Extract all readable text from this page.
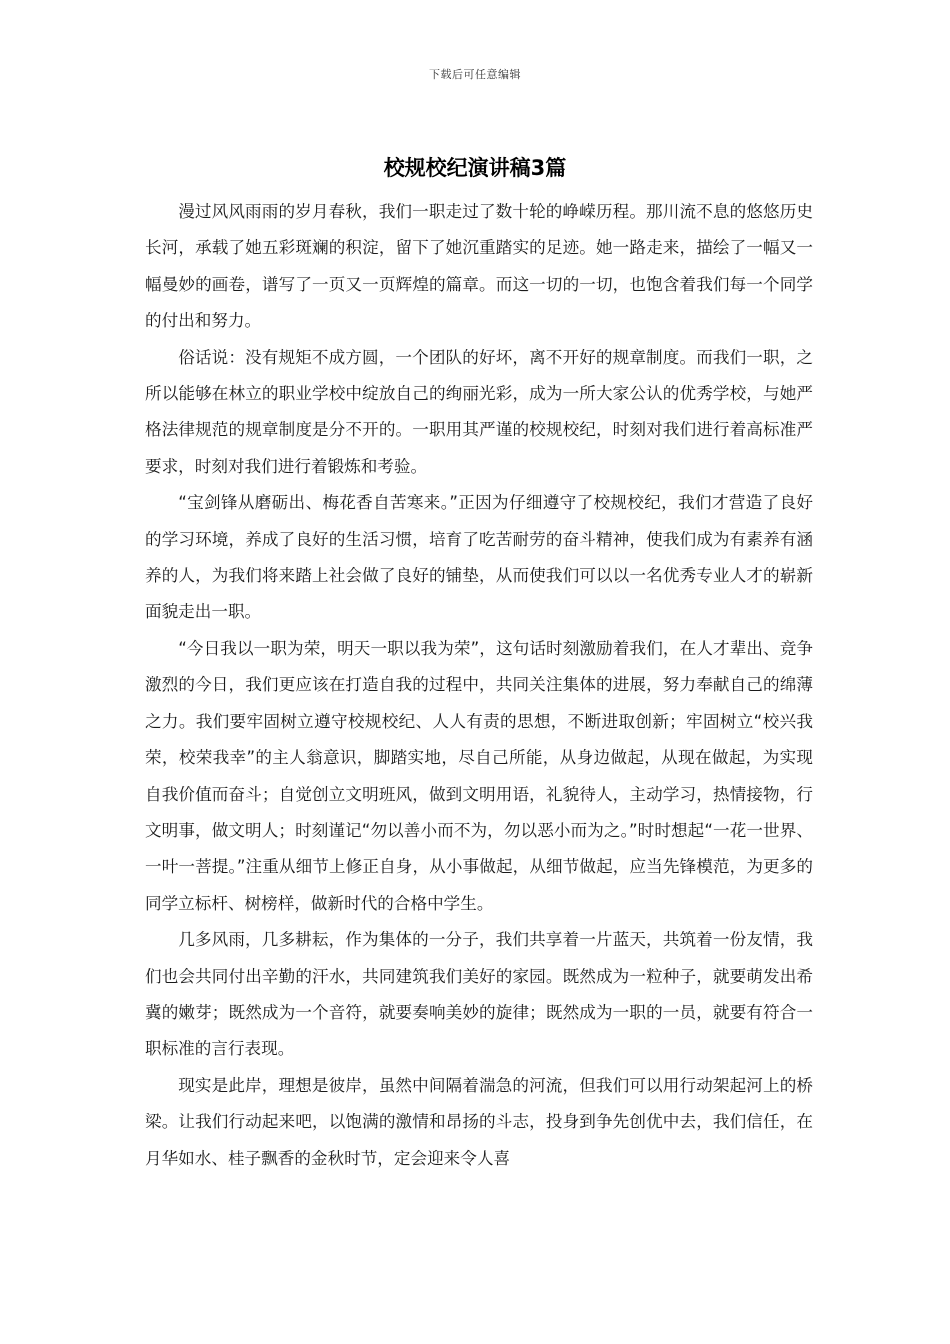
下载后可任意编辑
校规校纪演讲稿3篇

漫过风风雨雨的岁月春秋，我们一职走过了数十轮的峥嵘历程。那川流不息的悠悠历史长河，承载了她五彩斑斓的积淀，留下了她沉重踏实的足迹。她一路走来，描绘了一幅又一幅曼妙的画卷，谱写了一页又一页辉煌的篇章。而这一切的一切，也饱含着我们每一个同学的付出和努力。

俗话说：没有规矩不成方圆，一个团队的好坏，离不开好的规章制度。而我们一职，之所以能够在林立的职业学校中绽放自己的绚丽光彩，成为一所大家公认的优秀学校，与她严格法律规范的规章制度是分不开的。一职用其严谨的校规校纪，时刻对我们进行着高标准严要求，时刻对我们进行着锻炼和考验。

“宝剑锋从磨砺出、梅花香自苦寒来。”正因为仔细遵守了校规校纪，我们才营造了良好的学习环境，养成了良好的生活习惯，培育了吃苦耐劳的奋斗精神，使我们成为有素养有涵养的人，为我们将来踏上社会做了良好的铺垫，从而使我们可以以一名优秀专业人才的崭新面貌走出一职。

“今日我以一职为荣，明天一职以我为荣”，这句话时刻激励着我们，在人才辈出、竞争激烈的今日，我们更应该在打造自我的过程中，共同关注集体的进展，努力奉献自己的绵薄之力。我们要牢固树立遵守校规校纪、人人有责的思想，不断进取创新；牢固树立“校兴我荣，校荣我幸”的主人翁意识，脚踏实地，尽自己所能，从身边做起，从现在做起，为实现自我价值而奋斗；自觉创立文明班风，做到文明用语，礼貌待人，主动学习，热情接物，行文明事，做文明人；时刻谨记“勿以善小而不为，勿以恶小而为之。”时时想起“一花一世界、一叶一菩提。”注重从细节上修正自身，从小事做起，从细节做起，应当先锋模范，为更多的同学立标杆、树榜样，做新时代的合格中学生。

几多风雨，几多耕耘，作为集体的一分子，我们共享着一片蓝天，共筑着一份友情，我们也会共同付出辛勤的汗水，共同建筑我们美好的家园。既然成为一粒种子，就要萌发出希冀的嫩芽；既然成为一个音符，就要奏响美妙的旋律；既然成为一职的一员，就要有符合一职标准的言行表现。

现实是此岸，理想是彼岸，虽然中间隔着湍急的河流，但我们可以用行动架起河上的桥梁。让我们行动起来吧，以饱满的激情和昂扬的斗志，投身到争先创优中去，我们信任，在月华如水、桂子飘香的金秋时节，定会迎来令人喜
